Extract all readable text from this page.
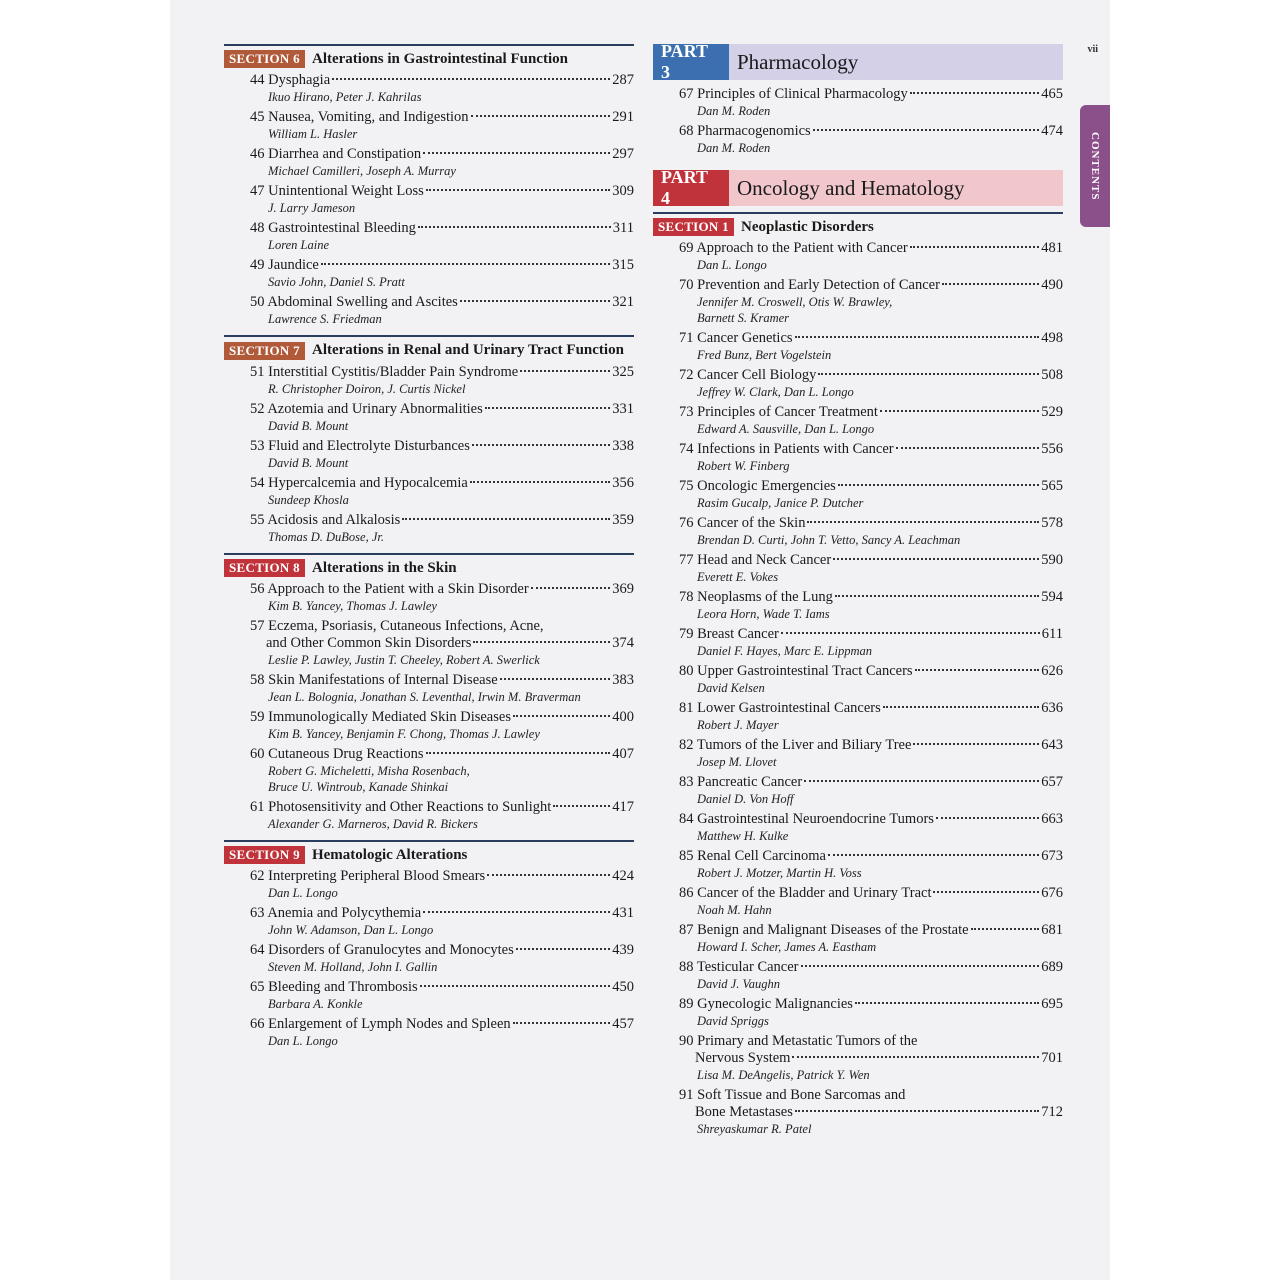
vii
CONTENTS
SECTION 6 Alterations in Gastrointestinal Function
44 Dysphagia	287
Ikuo Hirano, Peter J. Kahrilas
45 Nausea, Vomiting, and Indigestion	291
William L. Hasler
46 Diarrhea and Constipation	297
Michael Camilleri, Joseph A. Murray
47 Unintentional Weight Loss	309
J. Larry Jameson
48 Gastrointestinal Bleeding	311
Loren Laine
49 Jaundice	315
Savio John, Daniel S. Pratt
50 Abdominal Swelling and Ascites	321
Lawrence S. Friedman
SECTION 7 Alterations in Renal and Urinary Tract Function
51 Interstitial Cystitis/Bladder Pain Syndrome	325
R. Christopher Doiron, J. Curtis Nickel
52 Azotemia and Urinary Abnormalities	331
David B. Mount
53 Fluid and Electrolyte Disturbances	338
David B. Mount
54 Hypercalcemia and Hypocalcemia	356
Sundeep Khosla
55 Acidosis and Alkalosis	359
Thomas D. DuBose, Jr.
SECTION 8 Alterations in the Skin
56 Approach to the Patient with a Skin Disorder	369
Kim B. Yancey, Thomas J. Lawley
57 Eczema, Psoriasis, Cutaneous Infections, Acne,
and Other Common Skin Disorders	374
Leslie P. Lawley, Justin T. Cheeley, Robert A. Swerlick
58 Skin Manifestations of Internal Disease	383
Jean L. Bolognia, Jonathan S. Leventhal, Irwin M. Braverman
59 Immunologically Mediated Skin Diseases	400
Kim B. Yancey, Benjamin F. Chong, Thomas J. Lawley
60 Cutaneous Drug Reactions	407
Robert G. Micheletti, Misha Rosenbach,
Bruce U. Wintroub, Kanade Shinkai
61 Photosensitivity and Other Reactions to Sunlight	417
Alexander G. Marneros, David R. Bickers
SECTION 9 Hematologic Alterations
62 Interpreting Peripheral Blood Smears	424
Dan L. Longo
63 Anemia and Polycythemia	431
John W. Adamson, Dan L. Longo
64 Disorders of Granulocytes and Monocytes	439
Steven M. Holland, John I. Gallin
65 Bleeding and Thrombosis	450
Barbara A. Konkle
66 Enlargement of Lymph Nodes and Spleen	457
Dan L. Longo
PART 3	Pharmacology
67 Principles of Clinical Pharmacology	465
Dan M. Roden
68 Pharmacogenomics	474
Dan M. Roden
PART 4	Oncology and Hematology
SECTION 1 Neoplastic Disorders
69 Approach to the Patient with Cancer	481
Dan L. Longo
70 Prevention and Early Detection of Cancer	490
Jennifer M. Croswell, Otis W. Brawley,
Barnett S. Kramer
71 Cancer Genetics	498
Fred Bunz, Bert Vogelstein
72 Cancer Cell Biology	508
Jeffrey W. Clark, Dan L. Longo
73 Principles of Cancer Treatment	529
Edward A. Sausville, Dan L. Longo
74 Infections in Patients with Cancer	556
Robert W. Finberg
75 Oncologic Emergencies	565
Rasim Gucalp, Janice P. Dutcher
76 Cancer of the Skin	578
Brendan D. Curti, John T. Vetto, Sancy A. Leachman
77 Head and Neck Cancer	590
Everett E. Vokes
78 Neoplasms of the Lung	594
Leora Horn, Wade T. Iams
79 Breast Cancer	611
Daniel F. Hayes, Marc E. Lippman
80 Upper Gastrointestinal Tract Cancers	626
David Kelsen
81 Lower Gastrointestinal Cancers	636
Robert J. Mayer
82 Tumors of the Liver and Biliary Tree	643
Josep M. Llovet
83 Pancreatic Cancer	657
Daniel D. Von Hoff
84 Gastrointestinal Neuroendocrine Tumors	663
Matthew H. Kulke
85 Renal Cell Carcinoma	673
Robert J. Motzer, Martin H. Voss
86 Cancer of the Bladder and Urinary Tract	676
Noah M. Hahn
87 Benign and Malignant Diseases of the Prostate	681
Howard I. Scher, James A. Eastham
88 Testicular Cancer	689
David J. Vaughn
89 Gynecologic Malignancies	695
David Spriggs
90 Primary and Metastatic Tumors of the
Nervous System	701
Lisa M. DeAngelis, Patrick Y. Wen
91 Soft Tissue and Bone Sarcomas and
Bone Metastases	712
Shreyaskumar R. Patel
